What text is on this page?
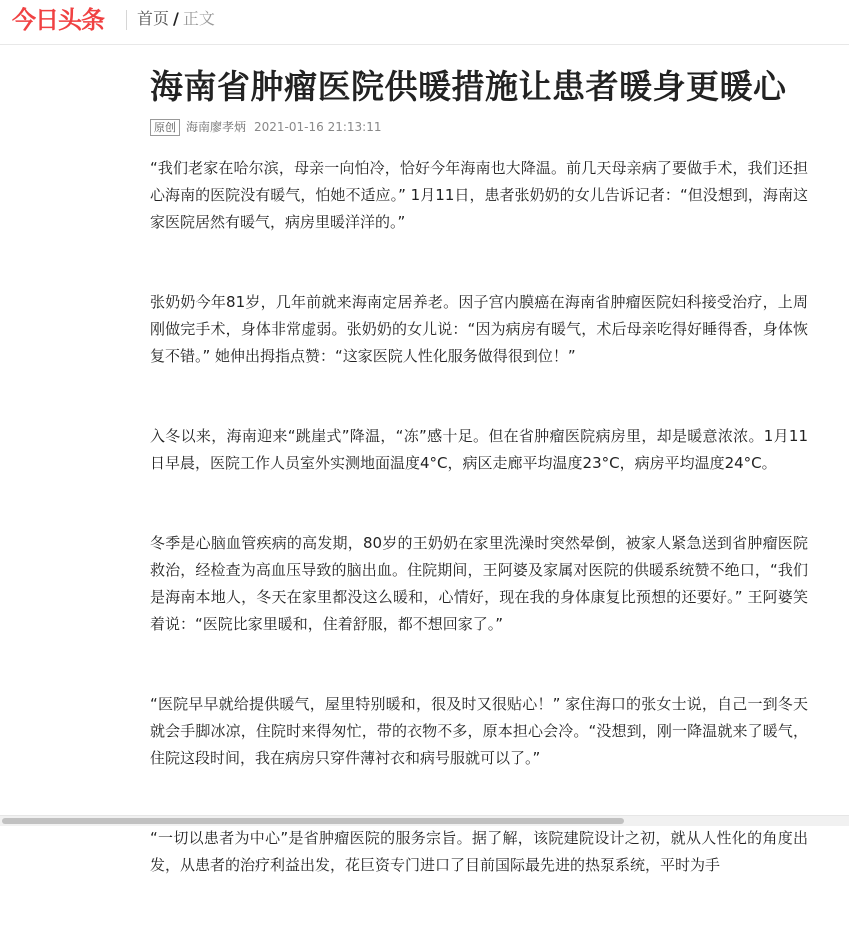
今日头条 首页 / 正文
海南省肿瘤医院供暖措施让患者暖身更暖心
原创 海南廖孝炳 2021-01-16 21:13:11

“我们老家在哈尔滨，母亲一向怕冷，恰好今年海南也大降温。前几天母亲病了要做手术，我们还担心海南的医院没有暖气，怕她不适应。” 1月11日，患者张奶奶的女儿告诉记者：“但没想到，海南这家医院居然有暖气，病房里暖洋洋的。”

张奶奶今年81岁，几年前就来海南定居养老。因子宫内膜癌在海南省肿瘤医院妇科接受治疗，上周刚做完手术，身体非常虚弱。张奶奶的女儿说：“因为病房有暖气，术后母亲吃得好睡得香，身体恢复不错。” 她伸出拇指点赞：“这家医院人性化服务做得很到位！”

入冬以来，海南迎来“跳崖式”降温，“冻”感十足。但在省肿瘤医院病房里，却是暖意浓浓。1月11日早晨，医院工作人员室外实测地面温度4°C，病区走廊平均温度23°C，病房平均温度24°C。

冬季是心脑血管疾病的高发期，80岁的王奶奶在家里洗澡时突然晕倒，被家人紧急送到省肿瘤医院救治，经检查为高血压导致的脑出血。住院期间，王阿婆及家属对医院的供暖系统赞不绝口，“我们是海南本地人，冬天在家里都没这么暖和，心情好，现在我的身体康复比预想的还要好。” 王阿婆笑着说：“医院比家里暖和，住着舒服，都不想回家了。”

“医院早早就给提供暖气，屋里特别暖和，很及时又很贴心！” 家住海口的张女士说，自己一到冬天就会手脚冰凉，住院时来得匆忙，带的衣物不多，原本担心会冷。“没想到，刚一降温就来了暖气，住院这段时间，我在病房只穿件薄衬衣和病号服就可以了。”

“一切以患者为中心”是省肿瘤医院的服务宗旨。据了解，该院建院设计之初，就从人性化的角度出发，从患者的治疗利益出发，花巨资专门进口了目前国际最先进的热泵系统，平时为手
